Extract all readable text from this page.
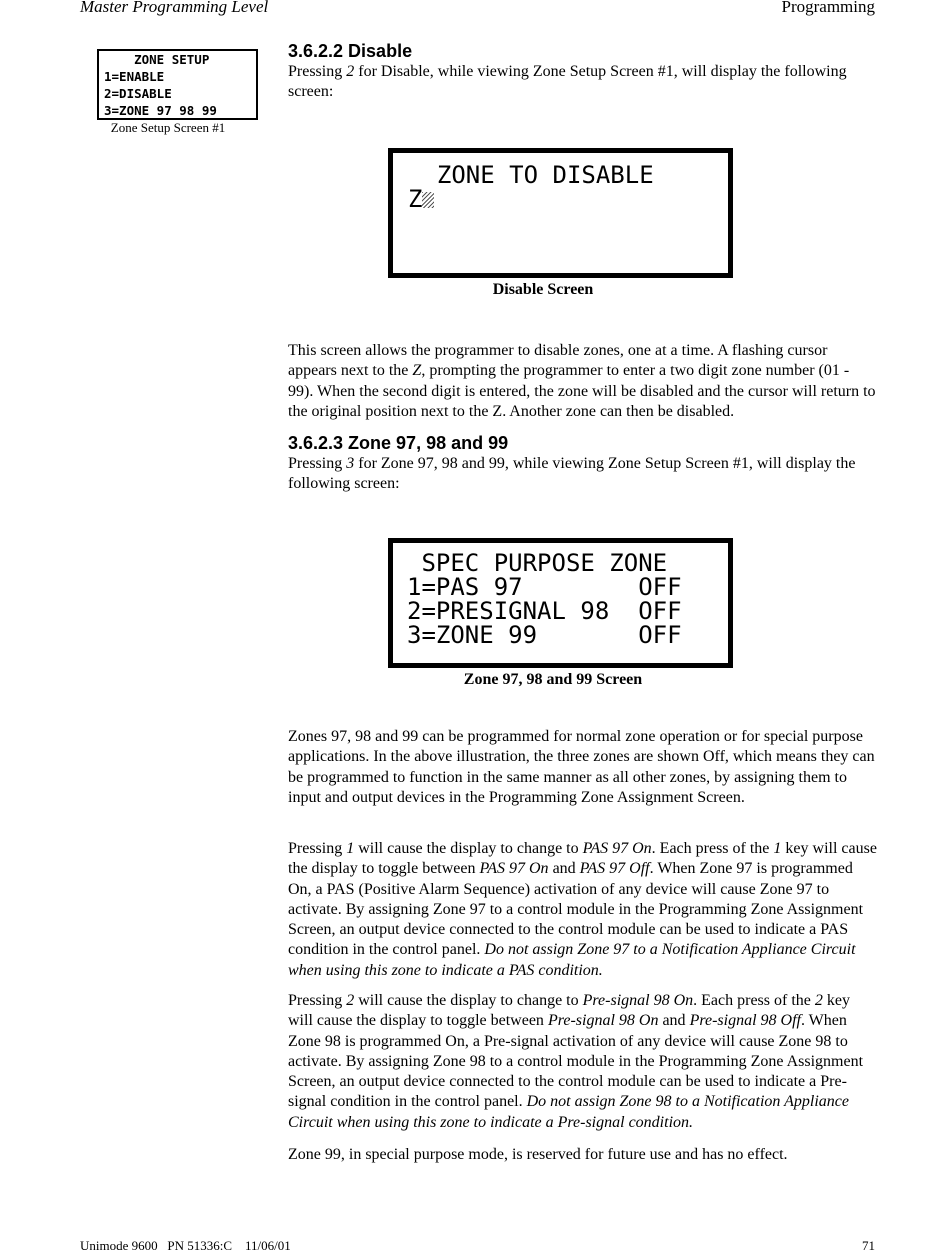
Master Programming Level	Programming
ZONE SETUP
1=ENABLE
2=DISABLE
3=ZONE 97 98 99
Zone Setup Screen #1
3.6.2.2 Disable

Pressing 2 for Disable, while viewing Zone Setup Screen #1, will display the following screen:

ZONE TO DISABLE
Z
Disable Screen

This screen allows the programmer to disable zones, one at a time. A flashing cursor appears next to the Z, prompting the programmer to enter a two digit zone number (01 - 99). When the second digit is entered, the zone will be disabled and the cursor will return to the original position next to the Z. Another zone can then be disabled.

3.6.2.3 Zone 97, 98 and 99

Pressing 3 for Zone 97, 98 and 99, while viewing Zone Setup Screen #1, will display the following screen:

SPEC PURPOSE ZONE
1=PAS 97        OFF
2=PRESIGNAL 98  OFF
3=ZONE 99       OFF
Zone 97, 98 and 99 Screen

Zones 97, 98 and 99 can be programmed for normal zone operation or for special purpose applications. In the above illustration, the three zones are shown Off, which means they can be programmed to function in the same manner as all other zones, by assigning them to input and output devices in the Programming Zone Assignment Screen.

Pressing 1 will cause the display to change to PAS 97 On. Each press of the 1 key will cause the display to toggle between PAS 97 On and PAS 97 Off. When Zone 97 is programmed On, a PAS (Positive Alarm Sequence) activation of any device will cause Zone 97 to activate. By assigning Zone 97 to a control module in the Programming Zone Assignment Screen, an output device connected to the control module can be used to indicate a PAS condition in the control panel. Do not assign Zone 97 to a Notification Appliance Circuit when using this zone to indicate a PAS condition.

Pressing 2 will cause the display to change to Pre-signal 98 On. Each press of the 2 key will cause the display to toggle between Pre-signal 98 On and Pre-signal 98 Off. When Zone 98 is programmed On, a Pre-signal activation of any device will cause Zone 98 to activate. By assigning Zone 98 to a control module in the Programming Zone Assignment Screen, an output device connected to the control module can be used to indicate a Pre-signal condition in the control panel. Do not assign Zone 98 to a Notification Appliance Circuit when using this zone to indicate a Pre-signal condition.

Zone 99, in special purpose mode, is reserved for future use and has no effect.

Unimode 9600   PN 51336:C    11/06/01	71
